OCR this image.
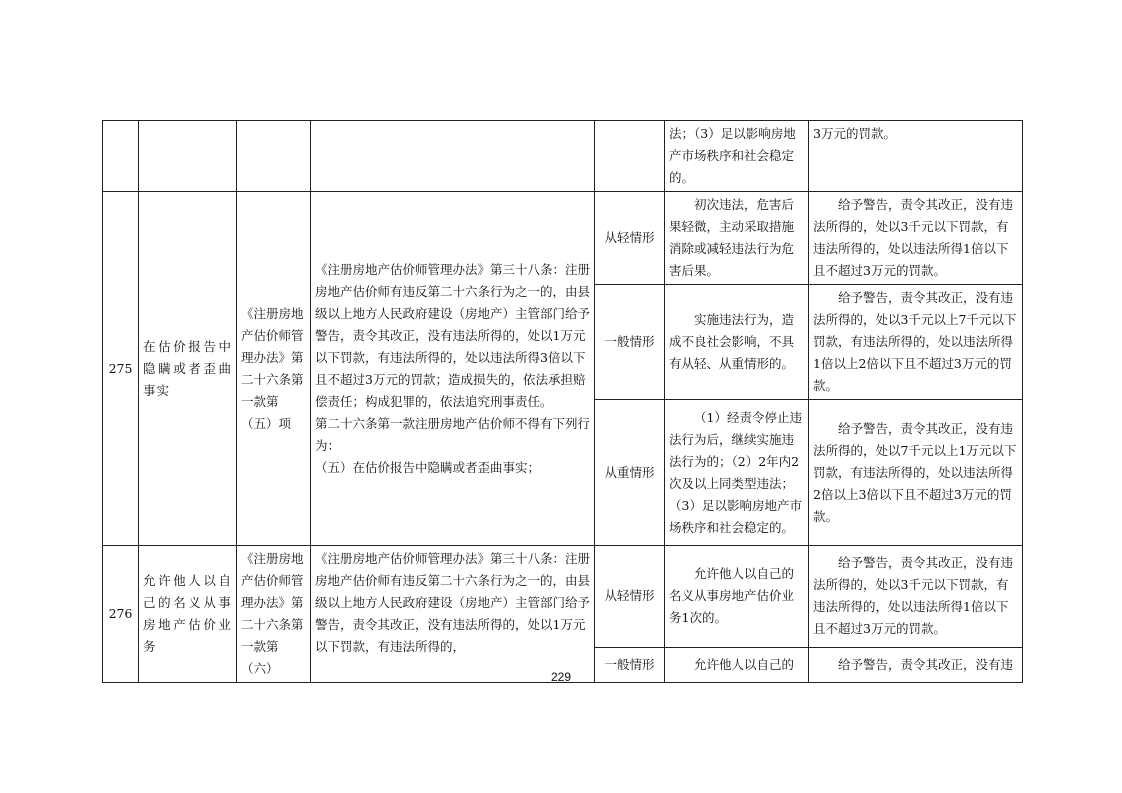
					法；（3）足以影响房地产市场秩序和社会稳定的。	3万元的罚款。
275	在估价报告中隐瞒或者歪曲事实	《注册房地产估价师管理办法》第二十六条第一款第（五）项	《注册房地产估价师管理办法》第三十八条：注册房地产估价师有违反第二十六条行为之一的，由县级以上地方人民政府建设（房地产）主管部门给予警告，责令其改正，没有违法所得的，处以1万元以下罚款，有违法所得的，处以违法所得3倍以下且不超过3万元的罚款；造成损失的，依法承担赔偿责任；构成犯罪的，依法追究刑事责任。
第二十六条第一款注册房地产估价师不得有下列行为：
（五）在估价报告中隐瞒或者歪曲事实；	从轻情形	初次违法，危害后果轻微，主动采取措施消除或减轻违法行为危害后果。	给予警告，责令其改正，没有违法所得的，处以3千元以下罚款，有违法所得的，处以违法所得1倍以下且不超过3万元的罚款。
				一般情形	实施违法行为，造成不良社会影响，不具有从轻、从重情形的。	给予警告，责令其改正，没有违法所得的，处以3千元以上7千元以下罚款，有违法所得的，处以违法所得1倍以上2倍以下且不超过3万元的罚款。
				从重情形	（1）经责令停止违法行为后，继续实施违法行为的；（2）2年内2次及以上同类型违法；（3）足以影响房地产市场秩序和社会稳定的。	给予警告，责令其改正，没有违法所得的，处以7千元以上1万元以下罚款，有违法所得的，处以违法所得2倍以上3倍以下且不超过3万元的罚款。
276	允许他人以自己的名义从事房地产估价业务	《注册房地产估价师管理办法》第二十六条第一款第（六）	《注册房地产估价师管理办法》第三十八条：注册房地产估价师有违反第二十六条行为之一的，由县级以上地方人民政府建设（房地产）主管部门给予警告，责令其改正，没有违法所得的，处以1万元以下罚款，有违法所得的，	从轻情形	允许他人以自己的名义从事房地产估价业务1次的。	给予警告，责令其改正，没有违法所得的，处以3千元以下罚款，有违法所得的，处以违法所得1倍以下且不超过3万元的罚款。
				一般情形	允许他人以自己的	给予警告，责令其改正，没有违
229
